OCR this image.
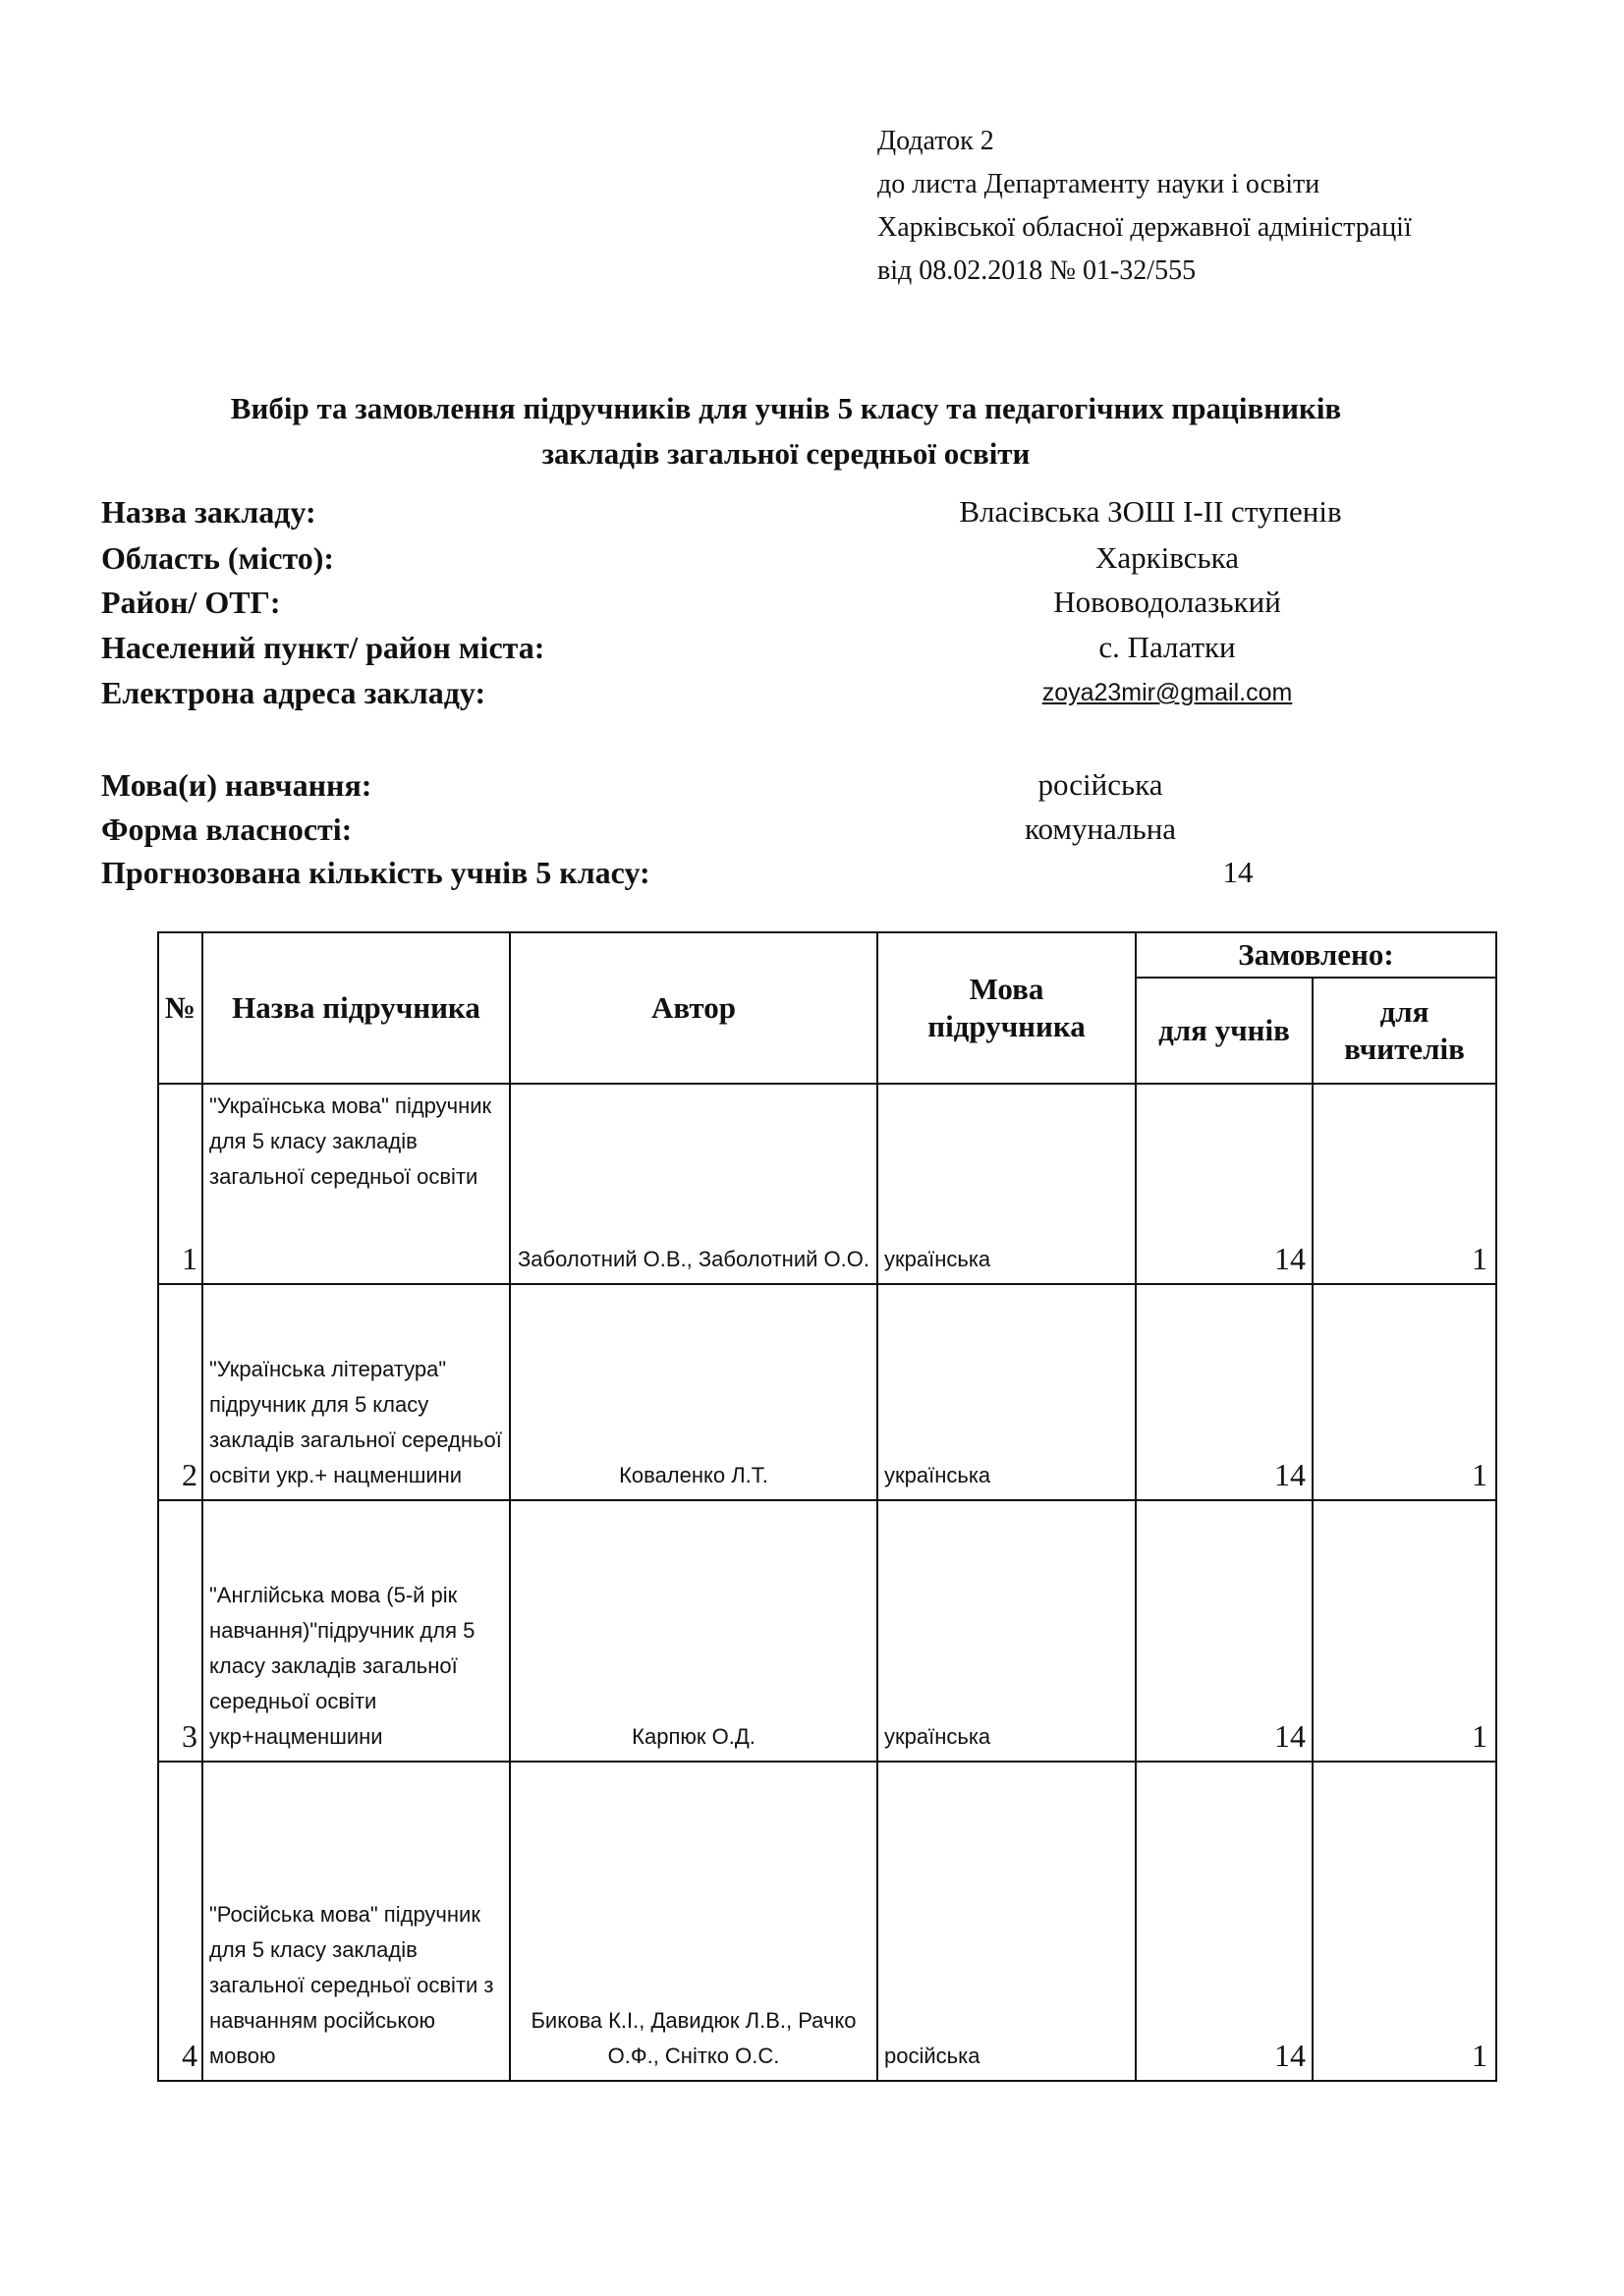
Додаток 2
до листа Департаменту науки і освіти
Харківської обласної державної адміністрації
від 08.02.2018 № 01-32/555
Вибір та замовлення підручників для учнів 5 класу та педагогічних працівників
закладів загальної середньої освіти
Назва закладу:	Власівська ЗОШ І-ІІ ступенів
Область (місто):	Харківська
Район/ ОТГ:	Нововодолазький
Населений пункт/ район міста:	с. Палатки
Електрона адреса закладу:	zoya23mir@gmail.com
Мова(и) навчання:	російська
Форма власності:	комунальна
Прогнозована кількість учнів 5 класу:	14
№	Назва підручника	Автор	Мова підручника	Замовлено:	
				для учнів	для вчителів
1	"Українська мова" підручник для 5 класу закладів загальної середньої освіти	Заболотний О.В., Заболотний О.О.	українська	14	1
2	"Українська література" підручник для 5 класу закладів загальної середньої освіти укр.+ нацменшини	Коваленко Л.Т.	українська	14	1
3	"Англійська мова (5-й рік навчання)"підручник для 5 класу закладів загальної середньої освіти укр+нацменшини	Карпюк О.Д.	українська	14	1
4	"Російська мова" підручник для 5 класу закладів загальної середньої освіти з навчанням російською мовою	Бикова К.І., Давидюк Л.В., Рачко О.Ф., Снітко О.С.	російська	14	1
